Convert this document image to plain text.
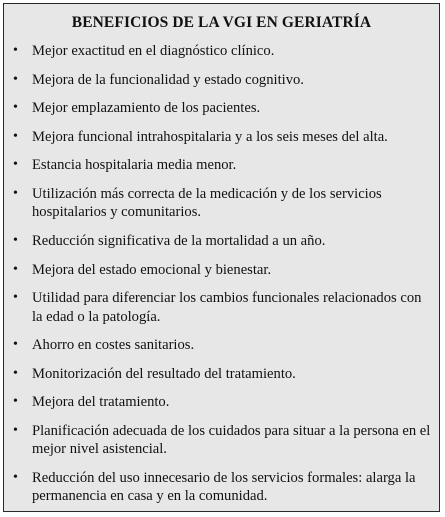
BENEFICIOS DE LA VGI EN GERIATRÍA
• Mejor exactitud en el diagnóstico clínico.
• Mejora de la funcionalidad y estado cognitivo.
• Mejor emplazamiento de los pacientes.
• Mejora funcional intrahospitalaria y a los seis meses del alta.
• Estancia hospitalaria media menor.
• Utilización más correcta de la medicación y de los servicios hospitalarios y comunitarios.
• Reducción significativa de la mortalidad a un año.
• Mejora del estado emocional y bienestar.
• Utilidad para diferenciar los cambios funcionales relacionados con la edad o la patología.
• Ahorro en costes sanitarios.
• Monitorización del resultado del tratamiento.
• Mejora del tratamiento.
• Planificación adecuada de los cuidados para situar a la persona en el mejor nivel asistencial.
• Reducción del uso innecesario de los servicios formales: alarga la permanencia en casa y en la comunidad.
